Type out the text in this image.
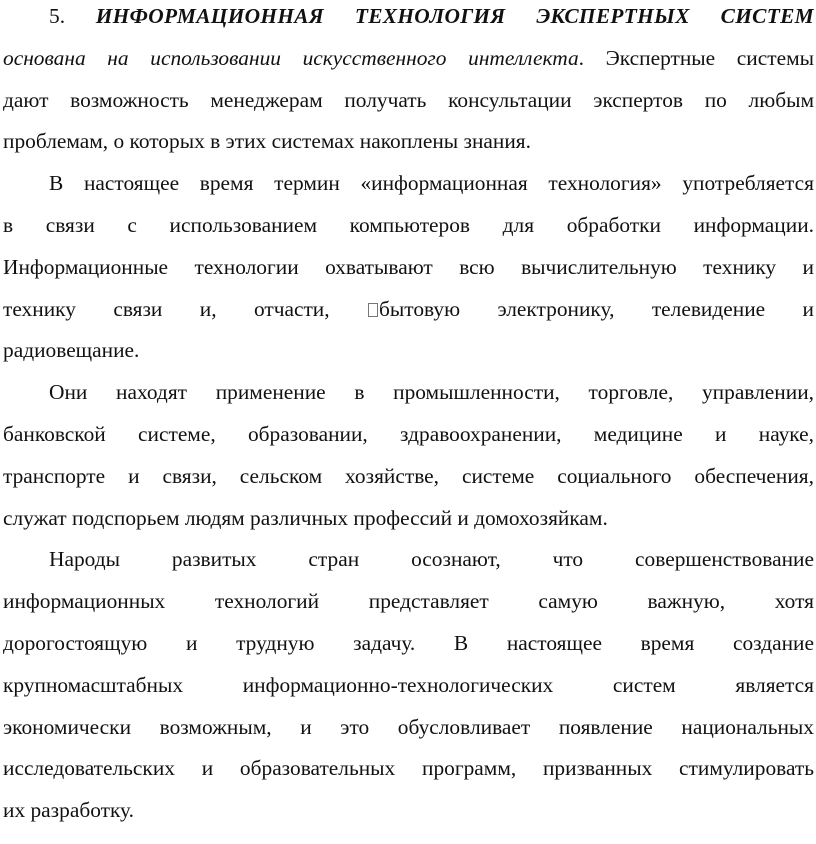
5. ИНФОРМАЦИОННАЯ ТЕХНОЛОГИЯ ЭКСПЕРТНЫХ СИСТЕМ
основана на использовании искусственного интеллекта. Экспертные системы
дают возможность менеджерам получать консультации экспертов по любым
проблемам, о которых в этих системах накоплены знания.
В настоящее время термин «информационная технология» употребляется
в связи с использованием компьютеров для обработки информации.
Информационные технологии охватывают всю вычислительную технику и
технику связи и, отчасти, бытовую электронику, телевидение и
радиовещание.
Они находят применение в промышленности, торговле, управлении,
банковской системе, образовании, здравоохранении, медицине и науке,
транспорте и связи, сельском хозяйстве, системе социального обеспечения,
служат подспорьем людям различных профессий и домохозяйкам.
Народы развитых стран осознают, что совершенствование
информационных технологий представляет самую важную, хотя
дорогостоящую и трудную задачу. В настоящее время создание
крупномасштабных информационно-технологических систем является
экономически возможным, и это обусловливает появление национальных
исследовательских и образовательных программ, призванных стимулировать
их разработку.
